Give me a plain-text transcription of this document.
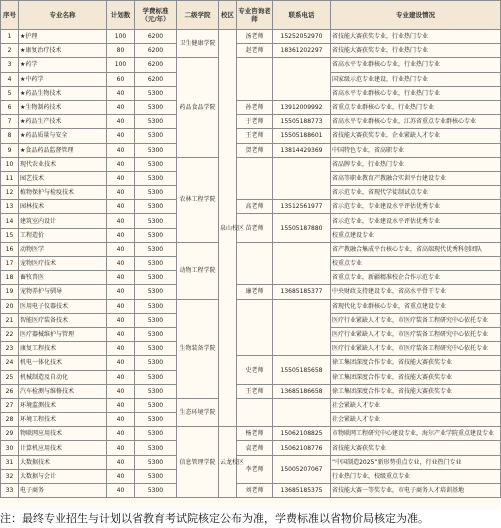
序号	专业名称	计划数	学费标准（元/年）	二级学院	校区	专业咨询老师	联系电话	专业建设情况
1	★护理	100	6200	卫生健康学院	泉山校区	汤老师	15252052970	省技能大赛获奖专业，行业热门专业
2	★康复治疗技术	80	6200			赵老师	18361202297	省技能大赛获奖专业，行业热门专业
3	★药学	100	6200	药品食品学院				省高水平专业群核心专业，行业热门专业
4	★中药学	60	6200					国家级示范专业建设，行业热门专业
5	★药品生物技术	40	5300					省高水平专业群核心专业，行业热门专业
6	★生物制药技术	40	5300			孙老师	13912009992	省重点专业群核心专业，行业热门专业
7	★药品生产技术	40	5300			于老师	15505188773	省高水平专业群核心专业，江苏省重点专业群核心专业
8	★药品质量与安全	40	5300			王老师	15505188601	省技能大赛获奖专业，企业紧缺人才专业
9	★食品药品监督管理	40	5300			贺老师	13814429369	中国特色专业，省高职专业
10	现代农业技术	40	5300	农林工程学院				省品牌专业，行业热门专业
11	园艺技术	40	5300					省高等职业教育产教融合实训平台建设专业
12	植物保护与检疫技术	40	5300					省示范专业，省现代学徒制试点专业
13	园林技术	40	5300			高老师	13512561977	省示范专业，专业建设水平评估优秀专业
14	建筑室内设计	40	5300			苗老师	15505187880	省示范专业，专业建设水平评估优秀专业
15	工程造价	40	5300					校重点建设专业
16	动物医学	40	5300	动物工程学院				省产教融合集成平台核心专业，省高端现代优秀科创团队
17	宠物医疗技术	40	5300					校重点专业
18	畜牧兽医	40	5300					省重点专业，新疆精准校企合作示范专业
19	宠物养护与驯导	40	5300			廉老师	13685185377	中央财政支持建设专业，省高水平骨干专业
20	医用电子仪器技术	40	5300	生物装备学院				省现代化专业群核心专业，省重点建设专业
21	智能医疗装备技术	40	5300					医疗行业紧缺人才专业，市医疗装备工程研究中心依托专业
22	医疗器械维护与管理	40	5300					医疗行业紧缺人才专业，市医疗装备工程研究中心依托专业
23	康复工程技术	40	5300					医疗行业紧缺人才专业，市医疗装备工程研究中心依托专业
24	机电一体化技术	40	5300			史老师	15505185658	徐工集团深度合作专业，省技能大赛获奖专业
25	机械制造及自动化	40	5300					徐工集团深度合作专业，省技能大赛获奖专业
26	汽车检测与维修技术	40	5300			王老师	13685186658	徐工集团深度合作专业，省技能大赛获奖专业
27	环境监测技术	40	5300	生态环境学院				社会紧缺人才专业
28	环境工程技术	40	5300					社会紧缺人才专业
29	物联网应用技术	40	5300	信息管理学院	云龙校区	杨老师	15062108825	市物联网工程研究中心建设专业，海尔产业学院重点建设专业
30	计算机应用技术	40	5300			袁老师	15062108776	省技能大赛获奖专业
31	大数据技术	40	5300			李老师	15005207067	“中国制造2025”新形势重点专业，行业热门专业
32	大数据与会计	40	5300					行业热门专业，校级重点专业
33	电子商务	40	5300			刘老师	13685185375	省技能大赛一等奖专业，市电子商务人才培训基地
注：最终专业招生与计划以省教育考试院核定公布为准，学费标准以省物价局核定为准。
